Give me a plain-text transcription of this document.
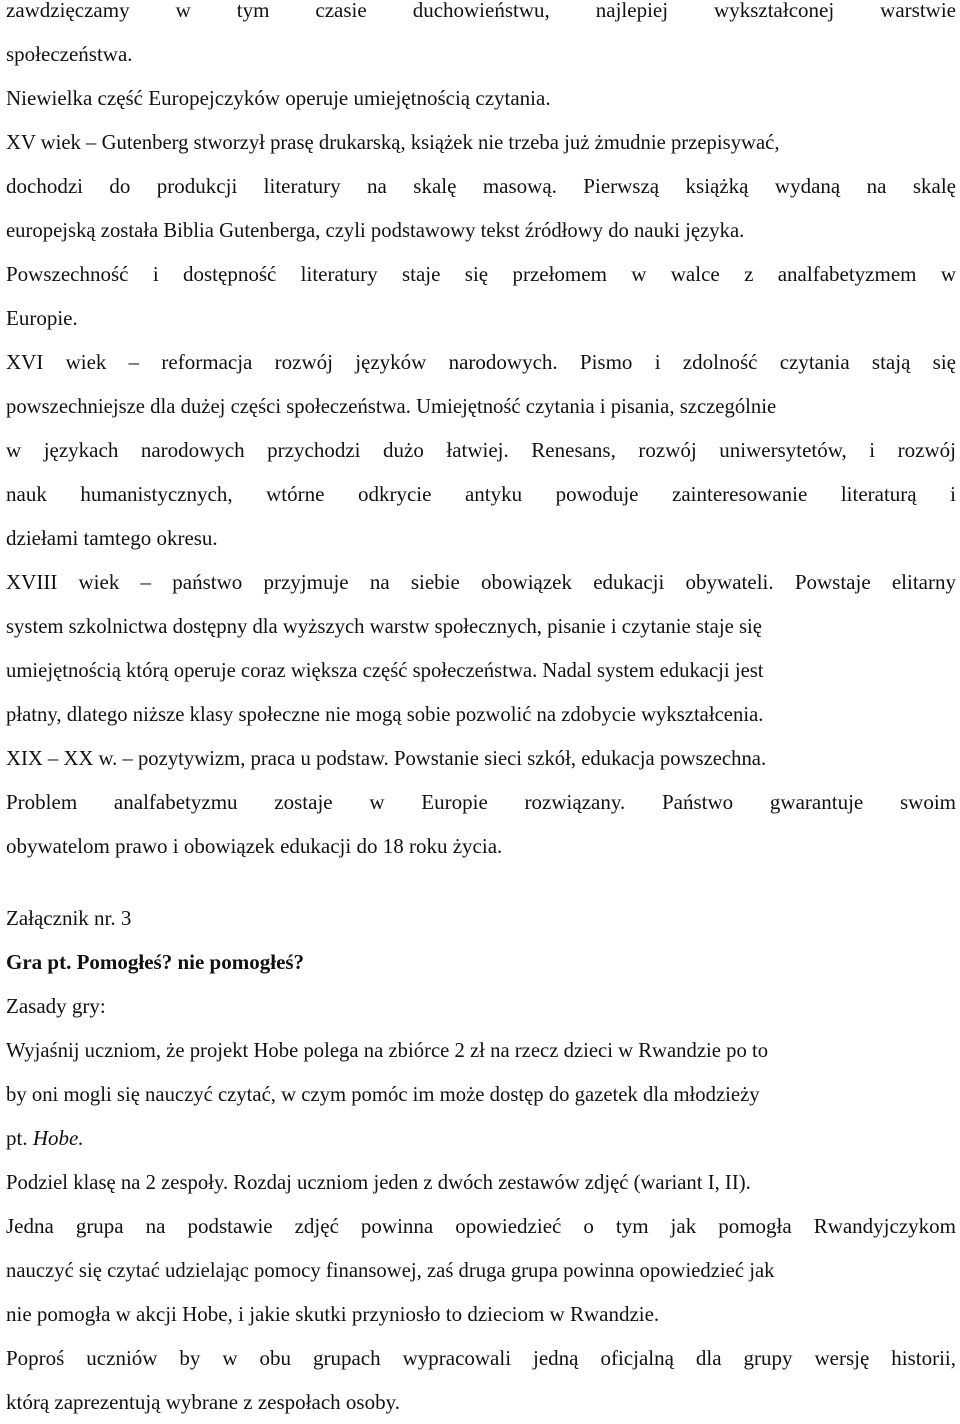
zawdzięczamy w tym czasie duchowieństwu, najlepiej wykształconej warstwie
społeczeństwa.
Niewielka część Europejczyków operuje umiejętnością czytania.
XV wiek – Gutenberg stworzył prasę drukarską, książek nie trzeba już żmudnie przepisywać,
dochodzi do produkcji literatury na skalę masową. Pierwszą książką wydaną na skalę
europejską została Biblia Gutenberga, czyli podstawowy tekst źródłowy do nauki języka.
Powszechność i dostępność literatury staje się przełomem w walce z analfabetyzmem w
Europie.
XVI wiek – reformacja rozwój języków narodowych. Pismo i zdolność czytania stają się
powszechniejsze dla dużej części społeczeństwa. Umiejętność czytania i pisania, szczególnie
w językach narodowych przychodzi dużo łatwiej. Renesans, rozwój uniwersytetów, i rozwój
nauk humanistycznych, wtórne odkrycie antyku powoduje zainteresowanie literaturą i
dziełami tamtego okresu.
XVIII wiek – państwo przyjmuje na siebie obowiązek edukacji obywateli. Powstaje elitarny
system szkolnictwa dostępny dla wyższych warstw społecznych, pisanie i czytanie staje się
umiejętnością którą operuje coraz większa część społeczeństwa. Nadal system edukacji jest
płatny, dlatego niższe klasy społeczne nie mogą sobie pozwolić na zdobycie wykształcenia.
XIX – XX w. – pozytywizm, praca u podstaw. Powstanie sieci szkół, edukacja powszechna.
Problem analfabetyzmu zostaje w Europie rozwiązany. Państwo gwarantuje swoim
obywatelom prawo i obowiązek edukacji do 18 roku życia.
Załącznik nr. 3
Gra pt. Pomogłeś? nie pomogłeś?
Zasady gry:
Wyjaśnij uczniom, że projekt Hobe polega na zbiórce 2 zł na rzecz dzieci w Rwandzie po to
by oni mogli się nauczyć czytać, w czym pomóc im może dostęp do gazetek dla młodzieży
pt. Hobe.
Podziel klasę na 2 zespoły. Rozdaj uczniom jeden z dwóch zestawów zdjęć (wariant I, II).
Jedna grupa na podstawie zdjęć powinna opowiedzieć o tym jak pomogła Rwandyjczykom
nauczyć się czytać udzielając pomocy finansowej, zaś druga grupa powinna opowiedzieć jak
nie pomogła w akcji Hobe, i jakie skutki przyniosło to dzieciom w Rwandzie.
Poproś uczniów by w obu grupach wypracowali jedną oficjalną dla grupy wersję historii,
którą zaprezentują wybrane z zespołach osoby.
